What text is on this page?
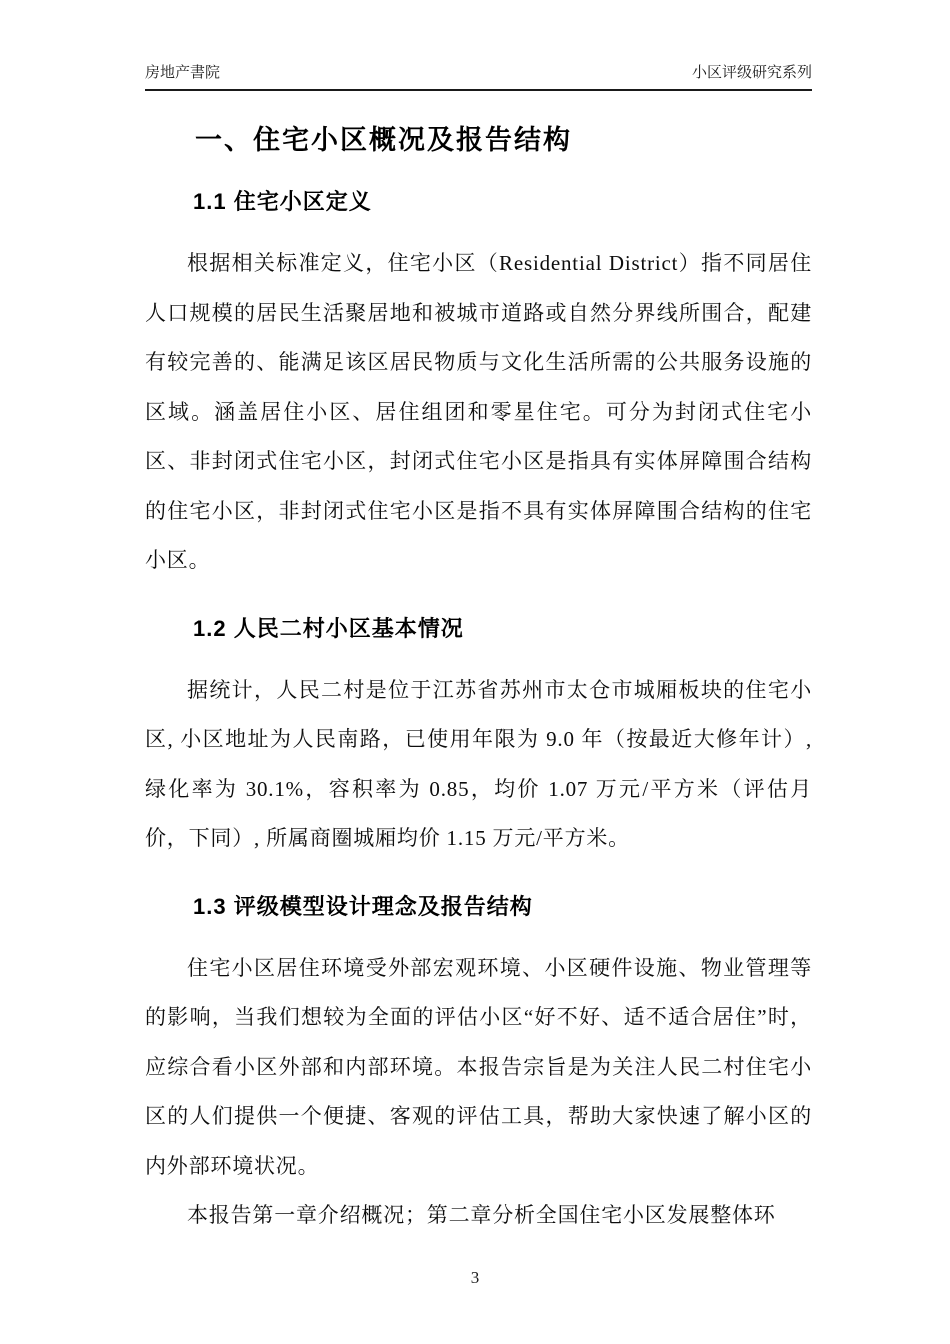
房地产書院	小区评级研究系列
一、住宅小区概况及报告结构
1.1 住宅小区定义

根据相关标准定义，住宅小区（Residential District）指不同居住人口规模的居民生活聚居地和被城市道路或自然分界线所围合，配建有较完善的、能满足该区居民物质与文化生活所需的公共服务设施的区域。涵盖居住小区、居住组团和零星住宅。可分为封闭式住宅小区、非封闭式住宅小区，封闭式住宅小区是指具有实体屏障围合结构的住宅小区，非封闭式住宅小区是指不具有实体屏障围合结构的住宅小区。

1.2 人民二村小区基本情况

据统计，人民二村是位于江苏省苏州市太仓市城厢板块的住宅小区, 小区地址为人民南路，已使用年限为 9.0 年（按最近大修年计）, 绿化率为 30.1%，容积率为 0.85，均价 1.07 万元/平方米（评估月价，下同）, 所属商圈城厢均价 1.15 万元/平方米。

1.3 评级模型设计理念及报告结构

住宅小区居住环境受外部宏观环境、小区硬件设施、物业管理等的影响，当我们想较为全面的评估小区“好不好、适不适合居住”时，应综合看小区外部和内部环境。本报告宗旨是为关注人民二村住宅小区的人们提供一个便捷、客观的评估工具，帮助大家快速了解小区的内外部环境状况。

本报告第一章介绍概况；第二章分析全国住宅小区发展整体环

3
